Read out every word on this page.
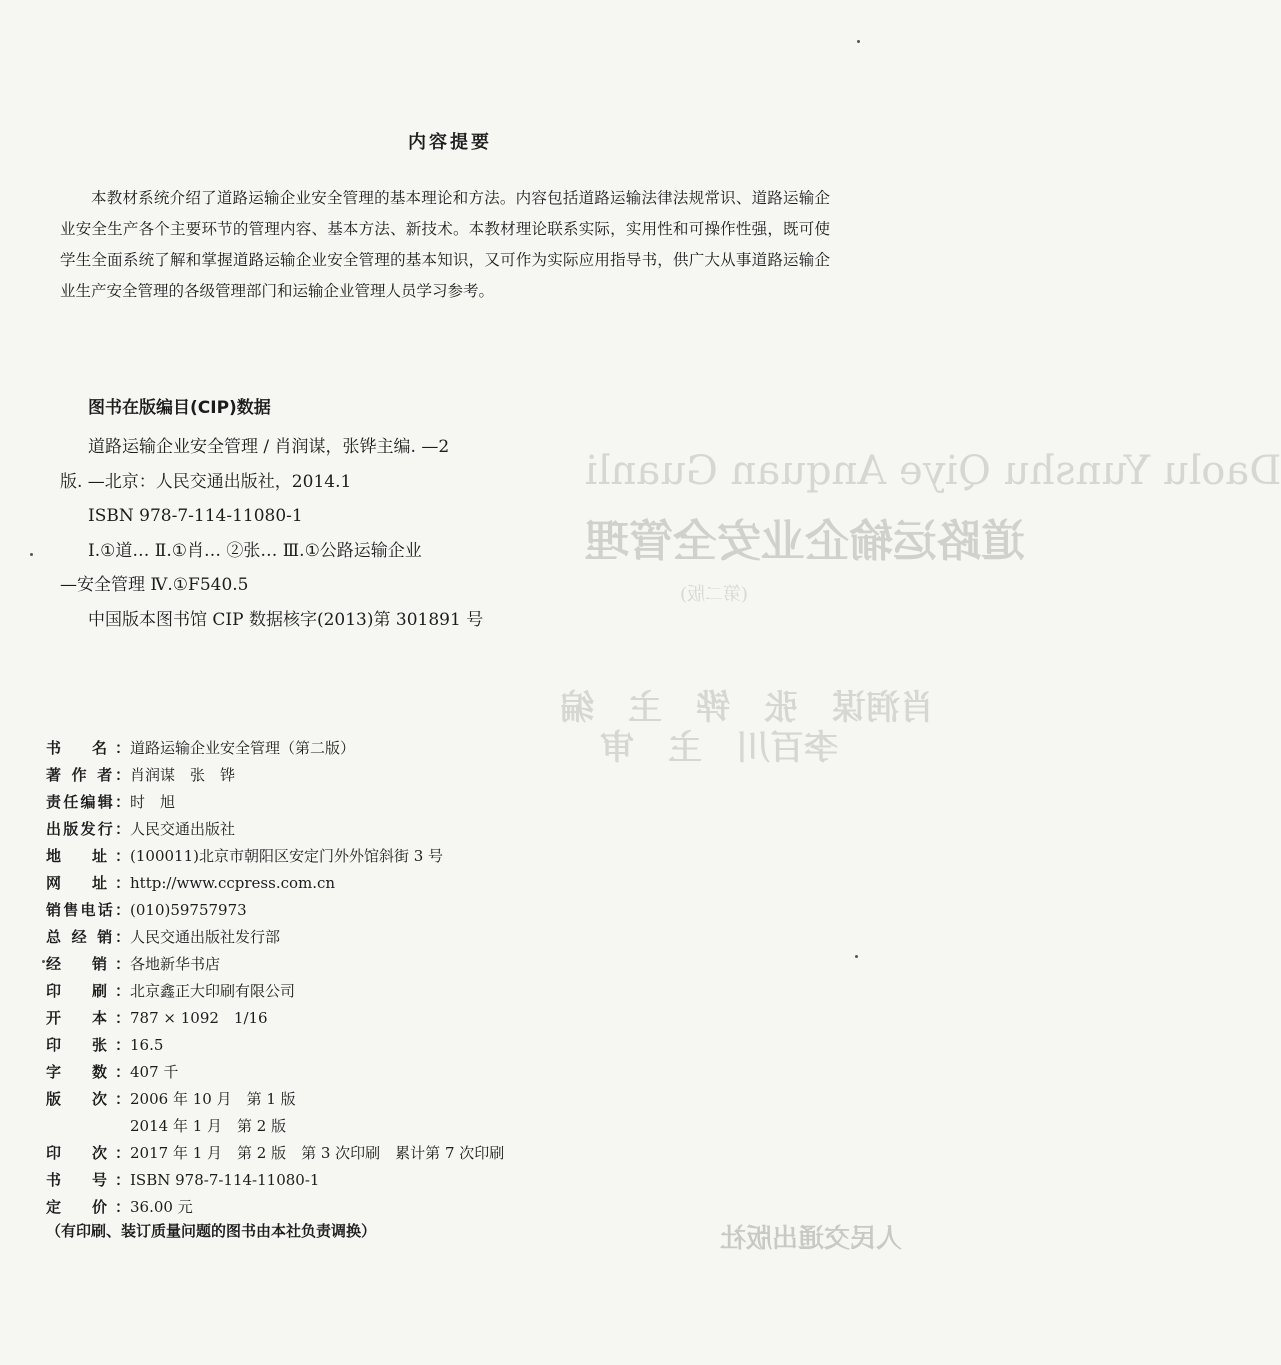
Daolu Yunshu Qiye Anquan Guanli
道路运输企业安全管理
(第二版)
肖润谋　张　铧　主　编
李百川　主　审
人民交通出版社
内容提要
本教材系统介绍了道路运输企业安全管理的基本理论和方法。内容包括道路运输法律法规常识、道路运输企业安全生产各个主要环节的管理内容、基本方法、新技术。本教材理论联系实际，实用性和可操作性强，既可使学生全面系统了解和掌握道路运输企业安全管理的基本知识，又可作为实际应用指导书，供广大从事道路运输企业生产安全管理的各级管理部门和运输企业管理人员学习参考。
图书在版编目(CIP)数据
道路运输企业安全管理 / 肖润谋，张铧主编. —2
版. —北京：人民交通出版社，2014.1
ISBN 978-7-114-11080-1
Ⅰ.①道… Ⅱ.①肖… ②张… Ⅲ.①公路运输企业
—安全管理 Ⅳ.①F540.5
中国版本图书馆 CIP 数据核字(2013)第 301891 号
书　名：道路运输企业安全管理（第二版）
著 作 者：肖润谋　张　铧
责任编辑：时　旭
出版发行：人民交通出版社
地　址：(100011)北京市朝阳区安定门外外馆斜街 3 号
网　址：http://www.ccpress.com.cn
销售电话：(010)59757973
总 经 销：人民交通出版社发行部
经　销：各地新华书店
印　刷：北京鑫正大印刷有限公司
开　本：787 × 1092　1/16
印　张：16.5
字　数：407 千
版　次：2006 年 10 月　第 1 版
2014 年 1 月　第 2 版
印　次：2017 年 1 月　第 2 版　第 3 次印刷　累计第 7 次印刷
书　号：ISBN 978-7-114-11080-1
定　价：36.00 元
（有印刷、装订质量问题的图书由本社负责调换）
